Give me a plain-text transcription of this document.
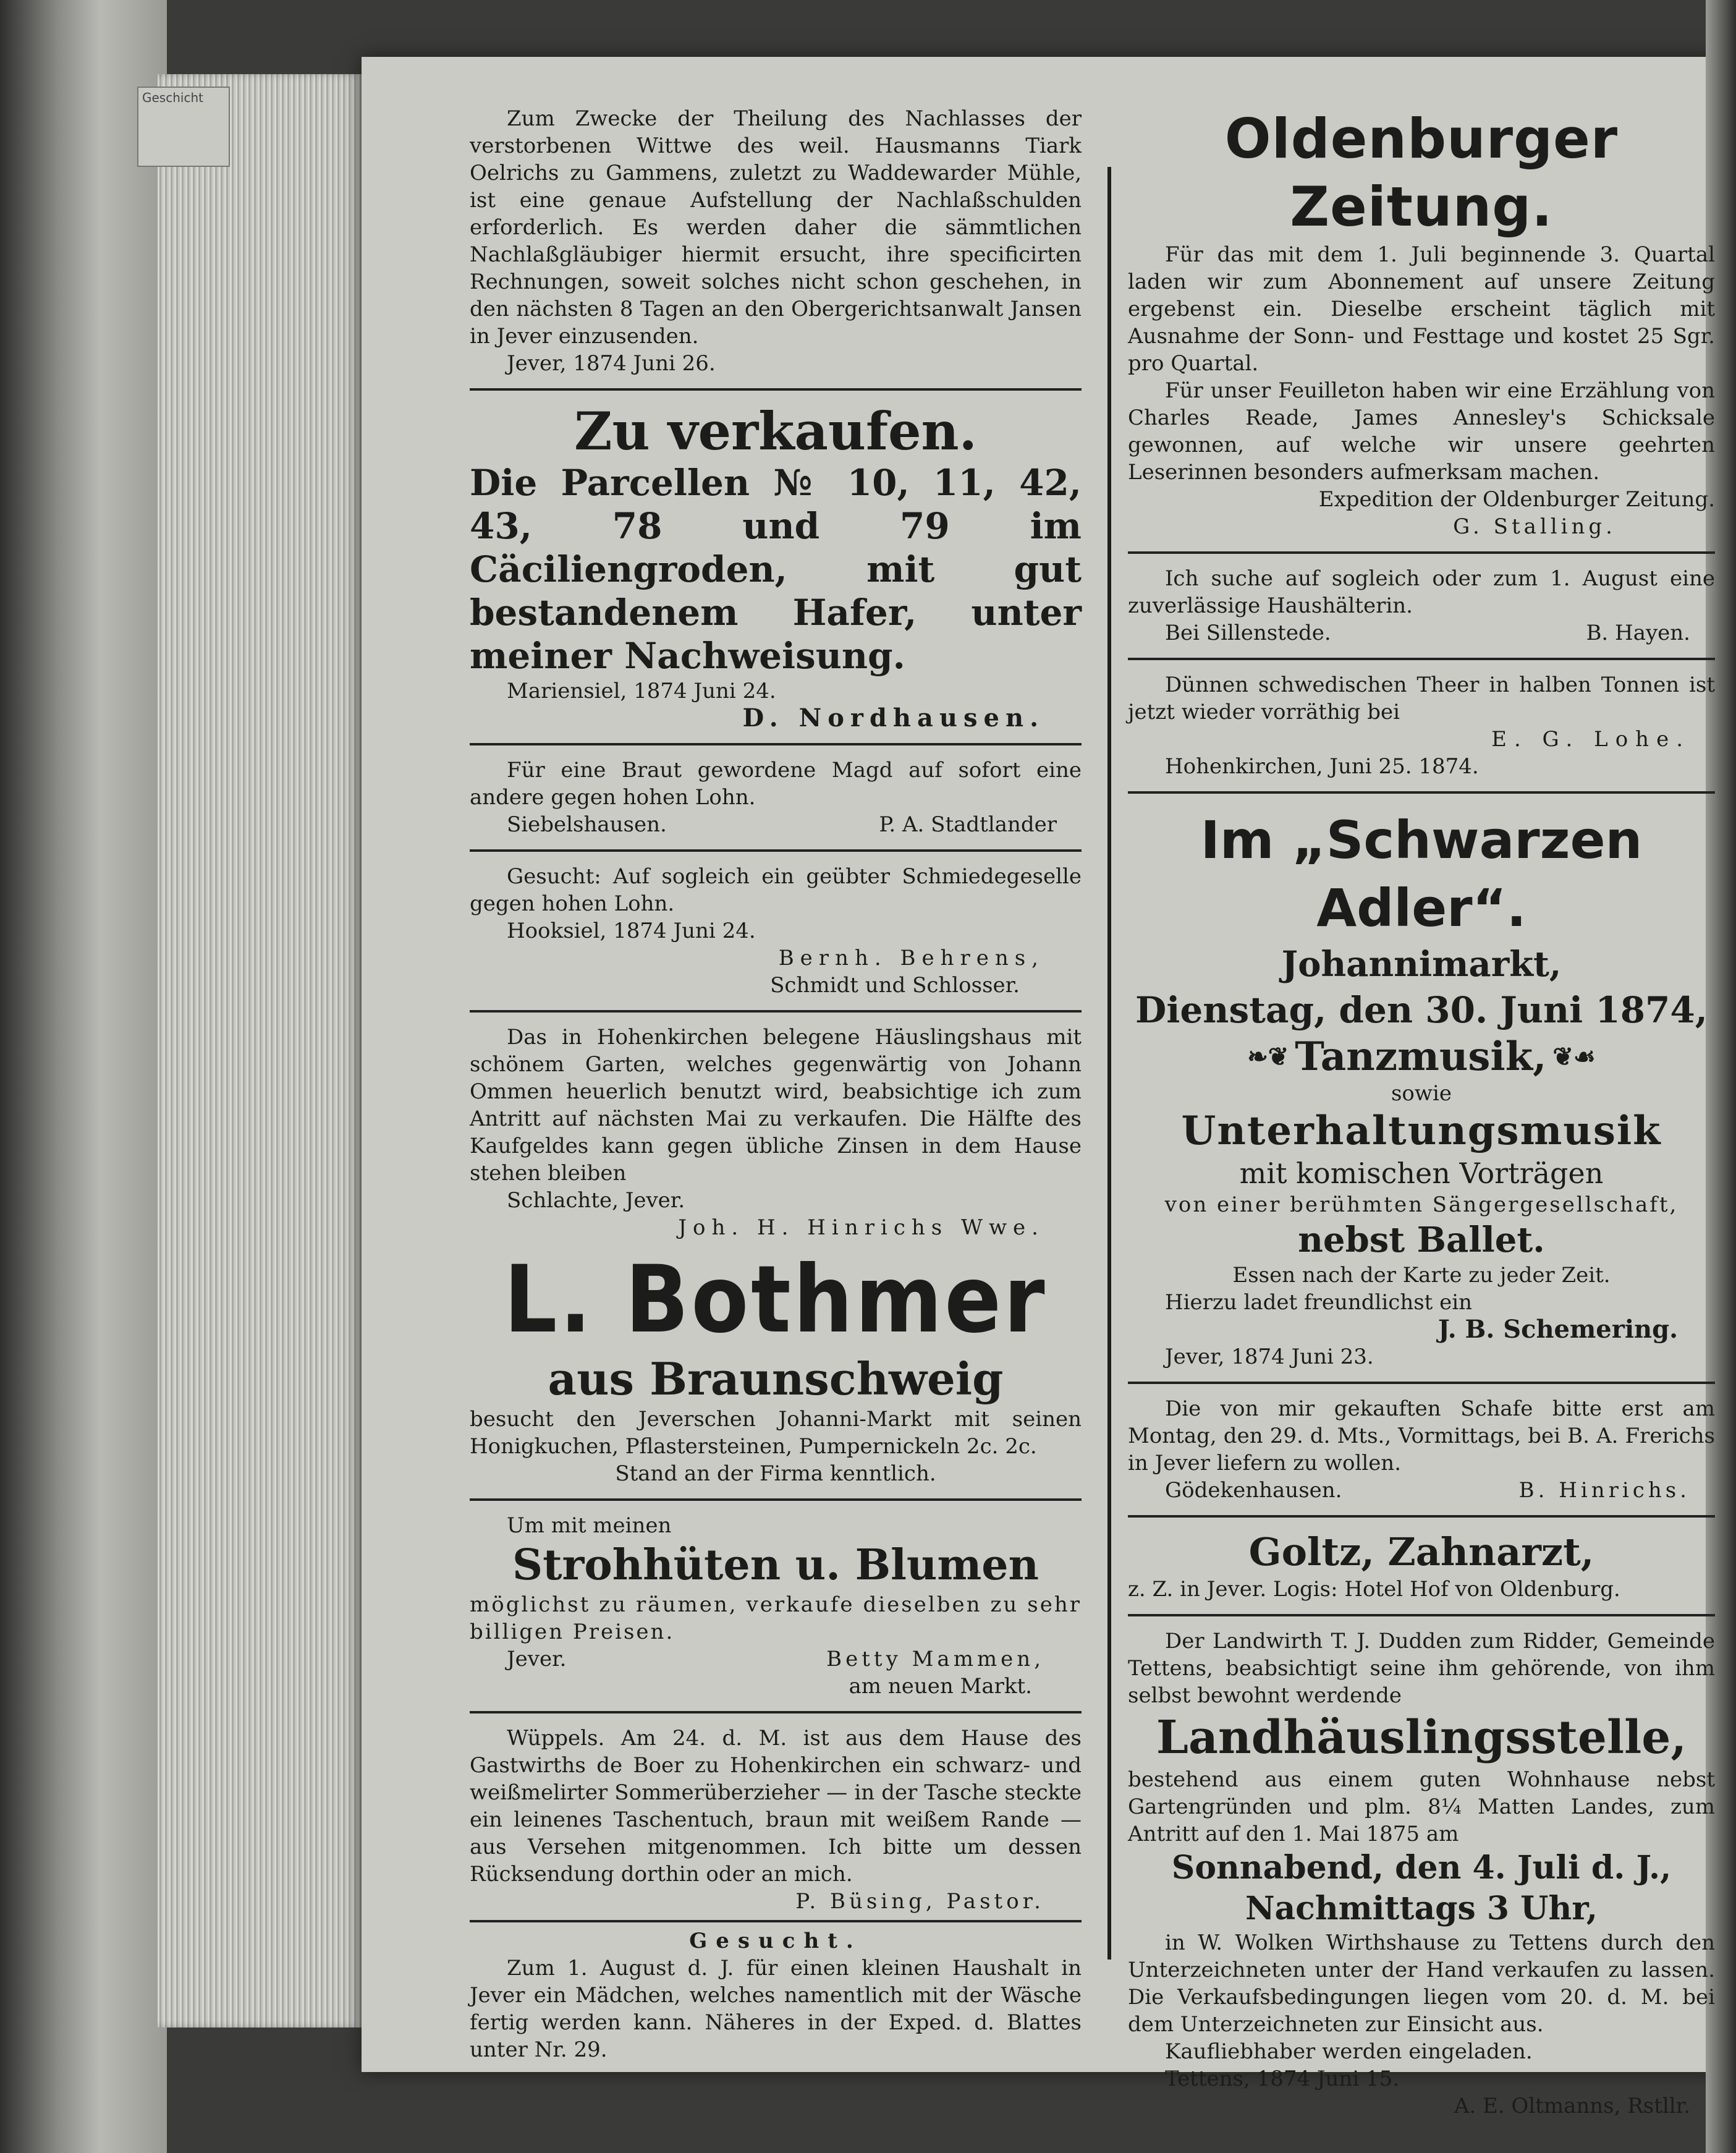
Geschicht
Zum Zwecke der Theilung des Nachlasses der verstorbenen Wittwe des weil. Hausmanns Tiark Oelrichs zu Gammens, zuletzt zu Waddewarder Mühle, ist eine genaue Aufstellung der Nachlaßschulden erforderlich. Es werden daher die sämmtlichen Nachlaßgläubiger hiermit ersucht, ihre specificirten Rechnungen, soweit solches nicht schon geschehen, in den nächsten 8 Tagen an den Obergerichtsanwalt Jansen in Jever einzusenden.
Jever, 1874 Juni 26.
Zu verkaufen.
Die Parcellen № 10, 11, 42, 43, 78 und 79 im Cäciliengroden, mit gut bestandenem Hafer, unter meiner Nachweisung.
Mariensiel, 1874 Juni 24.
D. Nordhausen.
Für eine Braut gewordene Magd auf sofort eine andere gegen hohen Lohn.
Siebelshausen.	P. A. Stadtlander
Gesucht: Auf sogleich ein geübter Schmiedegeselle gegen hohen Lohn.
Hooksiel, 1874 Juni 24.
Bernh. Behrens,
Schmidt und Schlosser.
Das in Hohenkirchen belegene Häuslingshaus mit schönem Garten, welches gegenwärtig von Johann Ommen heuerlich benutzt wird, beabsichtige ich zum Antritt auf nächsten Mai zu verkaufen. Die Hälfte des Kaufgeldes kann gegen übliche Zinsen in dem Hause stehen bleiben
Schlachte, Jever.
Joh. H. Hinrichs Wwe.
L. Bothmer
aus Braunschweig
besucht den Jeverschen Johanni-Markt mit seinen Honigkuchen, Pflastersteinen, Pumpernickeln 2c. 2c.
Stand an der Firma kenntlich.
Um mit meinen
Strohhüten u. Blumen
möglichst zu räumen, verkaufe dieselben zu sehr billigen Preisen.
Jever.	Betty Mammen,
am neuen Markt.
Wüppels. Am 24. d. M. ist aus dem Hause des Gastwirths de Boer zu Hohenkirchen ein schwarz- und weißmelirter Sommerüberzieher — in der Tasche steckte ein leinenes Taschentuch, braun mit weißem Rande — aus Versehen mitgenommen. Ich bitte um dessen Rücksendung dorthin oder an mich.
P. Büsing, Pastor.
Gesucht.
Zum 1. August d. J. für einen kleinen Haushalt in Jever ein Mädchen, welches namentlich mit der Wäsche fertig werden kann. Näheres in der Exped. d. Blattes unter Nr. 29.
Oldenburger Zeitung.
Für das mit dem 1. Juli beginnende 3. Quartal laden wir zum Abonnement auf unsere Zeitung ergebenst ein. Dieselbe erscheint täglich mit Ausnahme der Sonn- und Festtage und kostet 25 Sgr. pro Quartal.
Für unser Feuilleton haben wir eine Erzählung von Charles Reade, James Annesley's Schicksale gewonnen, auf welche wir unsere geehrten Leserinnen besonders aufmerksam machen.
Expedition der Oldenburger Zeitung.
G. Stalling.
Ich suche auf sogleich oder zum 1. August eine zuverlässige Haushälterin.
Bei Sillenstede.	B. Hayen.
Dünnen schwedischen Theer in halben Tonnen ist jetzt wieder vorräthig bei
E. G. Lohe.
Hohenkirchen, Juni 25. 1874.
Im „Schwarzen Adler“.
Johannimarkt,
Dienstag, den 30. Juni 1874,
❧❦ Tanzmusik, ❦☙
sowie
Unterhaltungsmusik
mit komischen Vorträgen
von einer berühmten Sängergesellschaft,
nebst Ballet.
Essen nach der Karte zu jeder Zeit.
Hierzu ladet freundlichst ein
J. B. Schemering.
Jever, 1874 Juni 23.
Die von mir gekauften Schafe bitte erst am Montag, den 29. d. Mts., Vormittags, bei B. A. Frerichs in Jever liefern zu wollen.
Gödekenhausen.	B. Hinrichs.
Goltz, Zahnarzt,
z. Z. in Jever. Logis: Hotel Hof von Oldenburg.
Der Landwirth T. J. Dudden zum Ridder, Gemeinde Tettens, beabsichtigt seine ihm gehörende, von ihm selbst bewohnt werdende
Landhäuslingsstelle,
bestehend aus einem guten Wohnhause nebst Gartengründen und plm. 8¼ Matten Landes, zum Antritt auf den 1. Mai 1875 am
Sonnabend, den 4. Juli d. J.,
Nachmittags 3 Uhr,
in W. Wolken Wirthshause zu Tettens durch den Unterzeichneten unter der Hand verkaufen zu lassen. Die Verkaufsbedingungen liegen vom 20. d. M. bei dem Unterzeichneten zur Einsicht aus.
Kaufliebhaber werden eingeladen.
Tettens, 1874 Juni 15.
A. E. Oltmanns, Rstllr.
